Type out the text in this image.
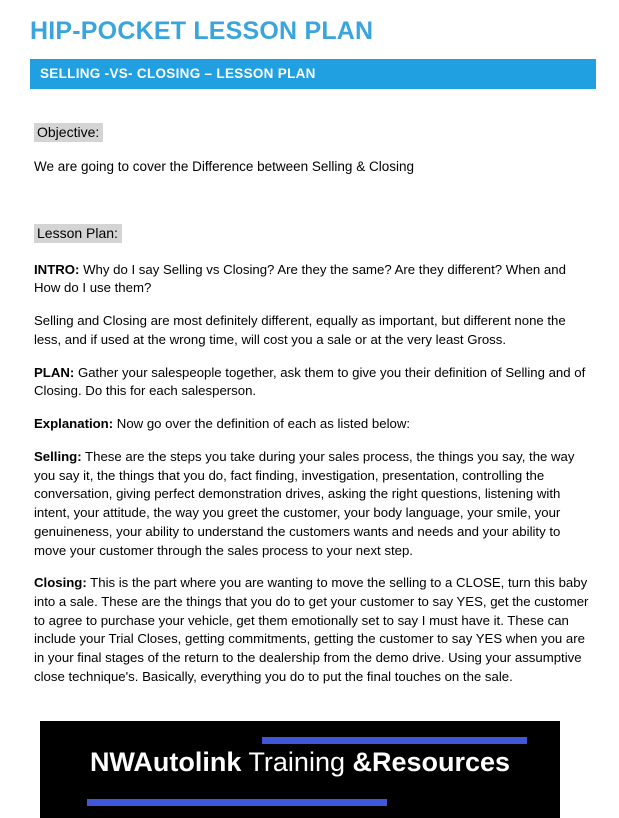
HIP-POCKET LESSON PLAN
SELLING -VS- CLOSING – LESSON PLAN
Objective:
We are going to cover the Difference between Selling & Closing
Lesson Plan:
INTRO: Why do I say Selling vs Closing? Are they the same? Are they different? When and How do I use them?
Selling and Closing are most definitely different, equally as important, but different none the less, and if used at the wrong time, will cost you a sale or at the very least Gross.
PLAN: Gather your salespeople together, ask them to give you their definition of Selling and of Closing. Do this for each salesperson.
Explanation: Now go over the definition of each as listed below:
Selling: These are the steps you take during your sales process, the things you say, the way you say it, the things that you do, fact finding, investigation, presentation, controlling the conversation, giving perfect demonstration drives, asking the right questions, listening with intent, your attitude, the way you greet the customer, your body language, your smile, your genuineness, your ability to understand the customers wants and needs and your ability to move your customer through the sales process to your next step.
Closing: This is the part where you are wanting to move the selling to a CLOSE, turn this baby into a sale. These are the things that you do to get your customer to say YES, get the customer to agree to purchase your vehicle, get them emotionally set to say I must have it. These can include your Trial Closes, getting commitments, getting the customer to say YES when you are in your final stages of the return to the dealership from the demo drive. Using your assumptive close technique's. Basically, everything you do to put the final touches on the sale.
NWAutolink Training &Resources
